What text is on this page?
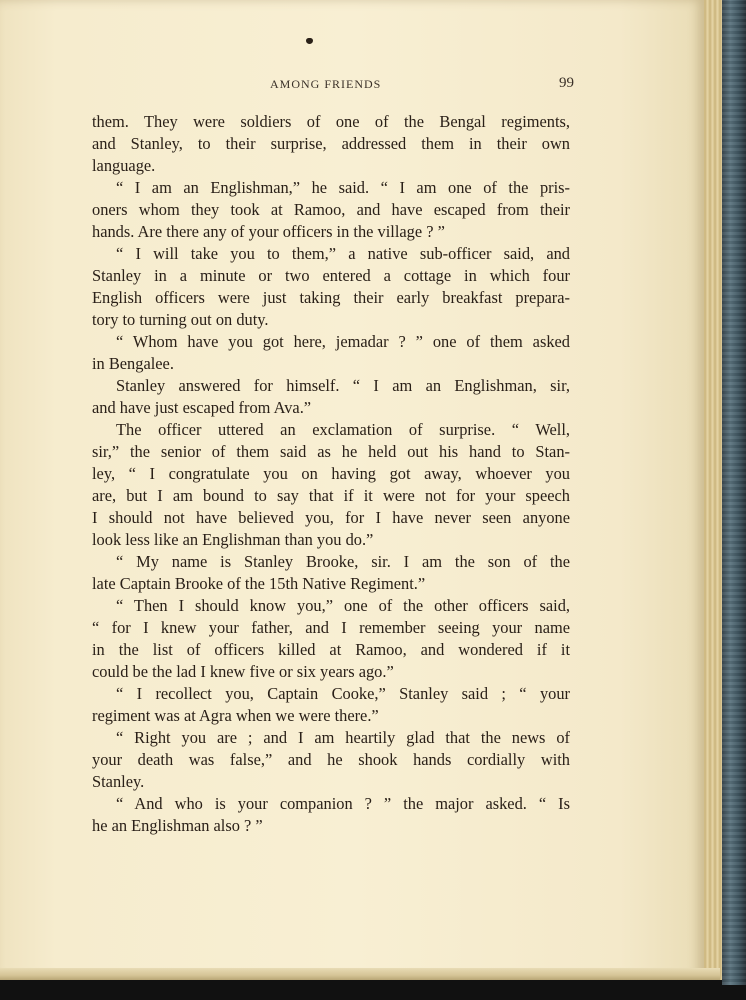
AMONG FRIENDS	99
them. They were soldiers of one of the Bengal regiments,
and Stanley, to their surprise, addressed them in their own
language.
“ I am an Englishman,” he said. “ I am one of the pris-
oners whom they took at Ramoo, and have escaped from their
hands. Are there any of your officers in the village ? ”
“ I will take you to them,” a native sub-officer said, and
Stanley in a minute or two entered a cottage in which four
English officers were just taking their early breakfast prepara-
tory to turning out on duty.
“ Whom have you got here, jemadar ? ” one of them asked
in Bengalee.
Stanley answered for himself. “ I am an Englishman, sir,
and have just escaped from Ava.”
The officer uttered an exclamation of surprise. “ Well,
sir,” the senior of them said as he held out his hand to Stan-
ley, “ I congratulate you on having got away, whoever you
are, but I am bound to say that if it were not for your speech
I should not have believed you, for I have never seen anyone
look less like an Englishman than you do.”
“ My name is Stanley Brooke, sir. I am the son of the
late Captain Brooke of the 15th Native Regiment.”
“ Then I should know you,” one of the other officers said,
“ for I knew your father, and I remember seeing your name
in the list of officers killed at Ramoo, and wondered if it
could be the lad I knew five or six years ago.”
“ I recollect you, Captain Cooke,” Stanley said ; “ your
regiment was at Agra when we were there.”
“ Right you are ; and I am heartily glad that the news of
your death was false,” and he shook hands cordially with
Stanley.
“ And who is your companion ? ” the major asked. “ Is
he an Englishman also ? ”
